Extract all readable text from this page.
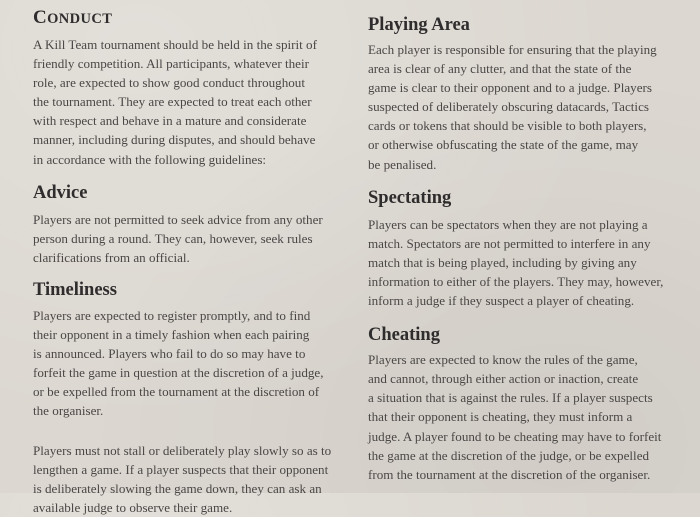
CONDUCT

A Kill Team tournament should be held in the spirit of
friendly competition. All participants, whatever their
role, are expected to show good conduct throughout
the tournament. They are expected to treat each other
with respect and behave in a mature and considerate
manner, including during disputes, and should behave
in accordance with the following guidelines:

Advice

Players are not permitted to seek advice from any other
person during a round. They can, however, seek rules
clarifications from an official.

Timeliness

Players are expected to register promptly, and to find
their opponent in a timely fashion when each pairing
is announced. Players who fail to do so may have to
forfeit the game in question at the discretion of a judge,
or be expelled from the tournament at the discretion of
the organiser.

Players must not stall or deliberately play slowly so as to
lengthen a game. If a player suspects that their opponent
is deliberately slowing the game down, they can ask an
available judge to observe their game.

Playing Area

Each player is responsible for ensuring that the playing
area is clear of any clutter, and that the state of the
game is clear to their opponent and to a judge. Players
suspected of deliberately obscuring datacards, Tactics
cards or tokens that should be visible to both players,
or otherwise obfuscating the state of the game, may
be penalised.

Spectating

Players can be spectators when they are not playing a
match. Spectators are not permitted to interfere in any
match that is being played, including by giving any
information to either of the players. They may, however,
inform a judge if they suspect a player of cheating.

Cheating

Players are expected to know the rules of the game,
and cannot, through either action or inaction, create
a situation that is against the rules. If a player suspects
that their opponent is cheating, they must inform a
judge. A player found to be cheating may have to forfeit
the game at the discretion of the judge, or be expelled
from the tournament at the discretion of the organiser.
